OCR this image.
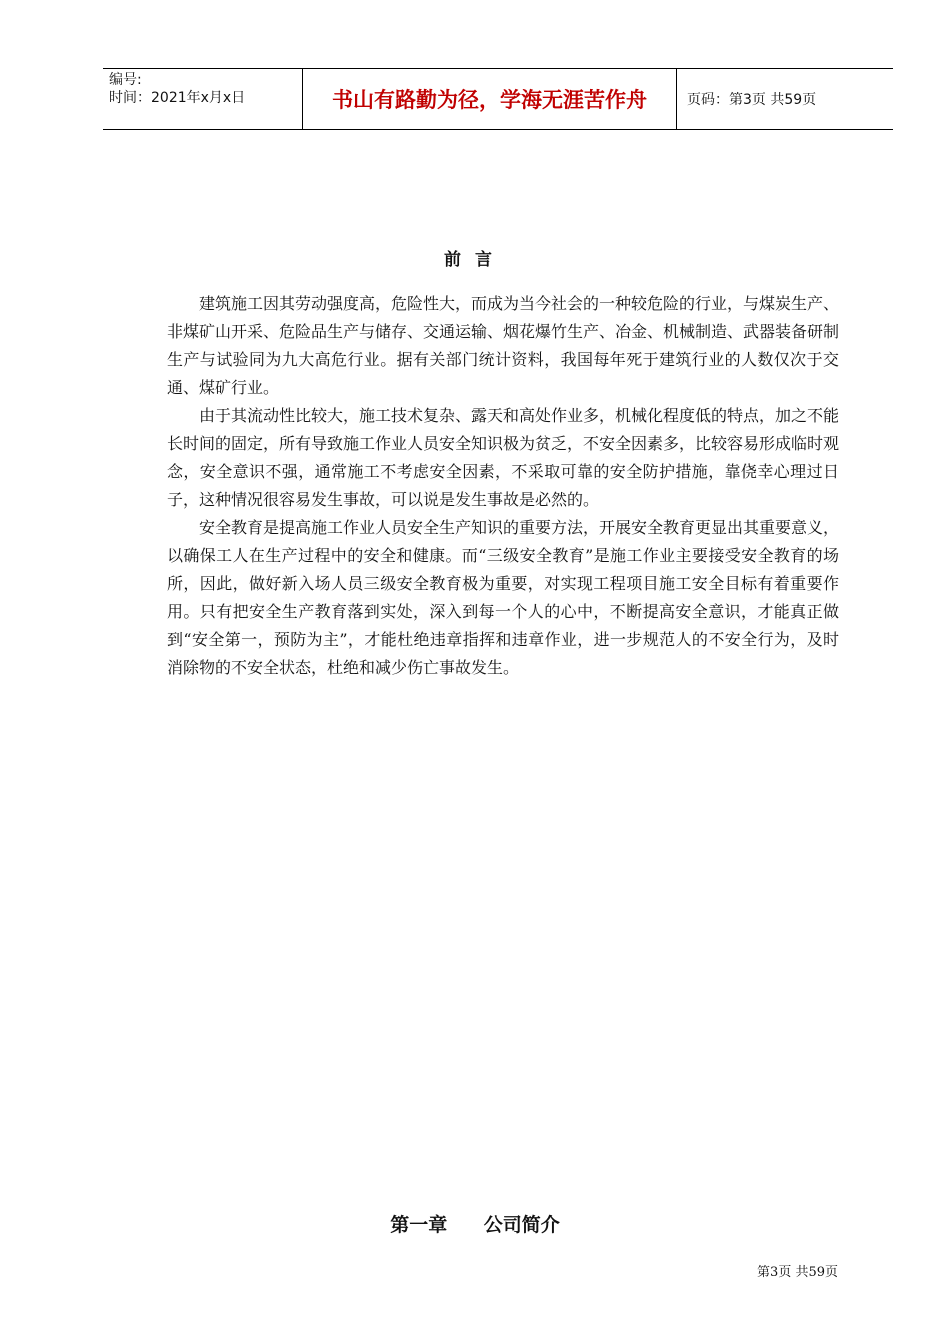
编号:
时间：2021年x月x日	书山有路勤为径，学海无涯苦作舟	页码：第3页 共59页
前言

建筑施工因其劳动强度高，危险性大，而成为当今社会的一种较危险的行业，与煤炭生产、非煤矿山开采、危险品生产与储存、交通运输、烟花爆竹生产、冶金、机械制造、武器装备研制生产与试验同为九大高危行业。据有关部门统计资料，我国每年死于建筑行业的人数仅次于交通、煤矿行业。

由于其流动性比较大，施工技术复杂、露天和高处作业多，机械化程度低的特点，加之不能长时间的固定，所有导致施工作业人员安全知识极为贫乏，不安全因素多，比较容易形成临时观念，安全意识不强，通常施工不考虑安全因素，不采取可靠的安全防护措施，靠侥幸心理过日子，这种情况很容易发生事故，可以说是发生事故是必然的。

安全教育是提高施工作业人员安全生产知识的重要方法，开展安全教育更显出其重要意义，以确保工人在生产过程中的安全和健康。而“三级安全教育”是施工作业主要接受安全教育的场所，因此，做好新入场人员三级安全教育极为重要，对实现工程项目施工安全目标有着重要作用。只有把安全生产教育落到实处，深入到每一个人的心中，不断提高安全意识，才能真正做到“安全第一，预防为主”，才能杜绝违章指挥和违章作业，进一步规范人的不安全行为，及时消除物的不安全状态，杜绝和减少伤亡事故发生。

第一章 公司简介
第3页 共59页
